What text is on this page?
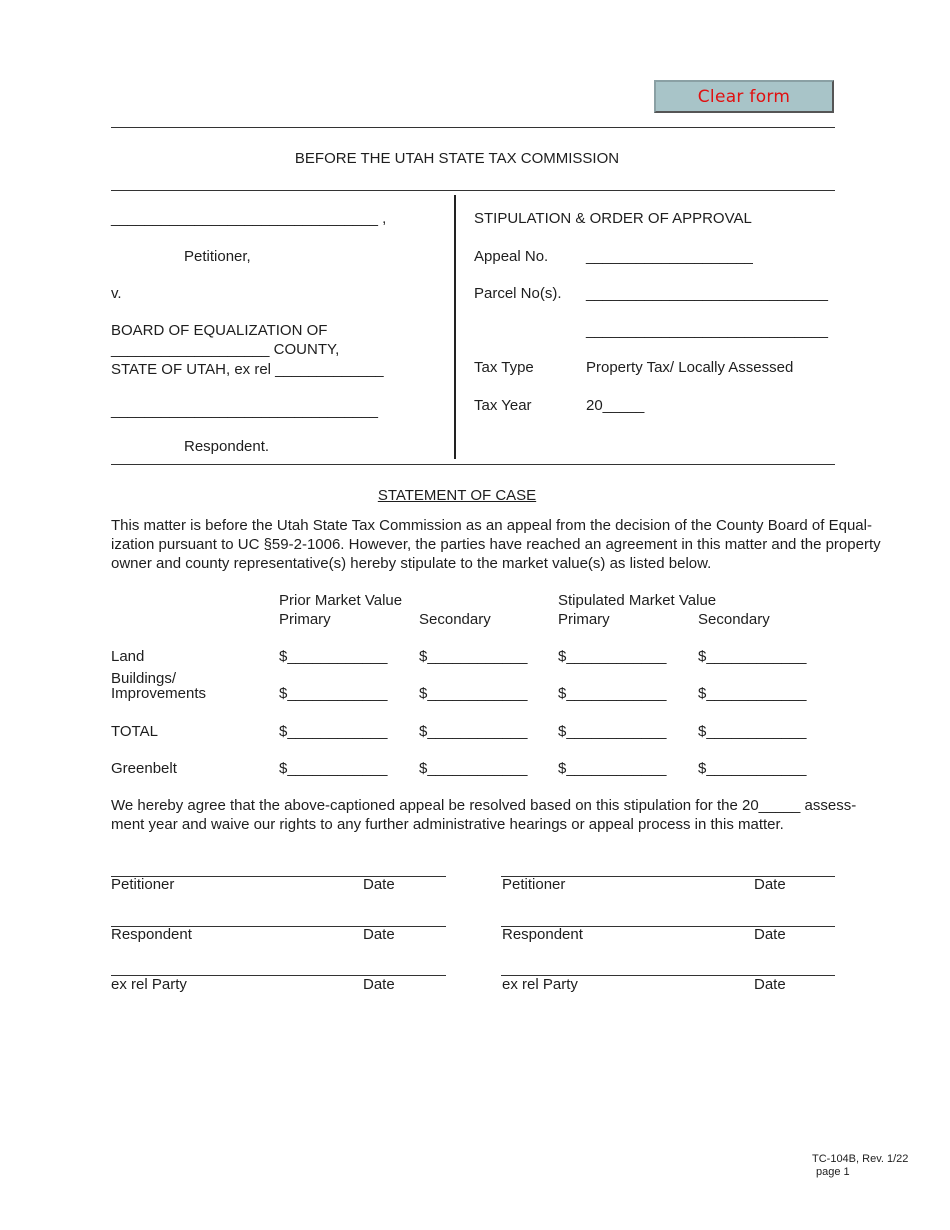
Clear form
BEFORE THE UTAH STATE TAX COMMISSION
________________________________ ,
Petitioner,
v.
BOARD OF EQUALIZATION OF
___________________ COUNTY,
STATE OF UTAH, ex rel _____________
________________________________
Respondent.
STIPULATION & ORDER OF APPROVAL
Appeal No.	____________________
Parcel No(s). _____________________________
_____________________________
Tax Type	Property Tax/ Locally Assessed
Tax Year	20_____
STATEMENT OF CASE
This matter is before the Utah State Tax Commission as an appeal from the decision of the County Board of Equal-
ization pursuant to UC §59-2-1006. However, the parties have reached an agreement in this matter and the property
owner and county representative(s) hereby stipulate to the market value(s) as listed below.
Prior Market Value	Stipulated Market Value
Primary	Secondary	Primary	Secondary
Land	$____________ $____________ $____________ $____________
Buildings/
Improvements	$____________ $____________ $____________ $____________
TOTAL	$____________ $____________ $____________ $____________
Greenbelt	$____________ $____________ $____________ $____________
We hereby agree that the above-captioned appeal be resolved based on this stipulation for the 20_____ assess-
ment year and waive our rights to any further administrative hearings or appeal process in this matter.
Petitioner	Date
Respondent	Date
ex rel Party	Date
Petitioner	Date
Respondent	Date
ex rel Party	Date
TC-104B, Rev. 1/22
page 1
